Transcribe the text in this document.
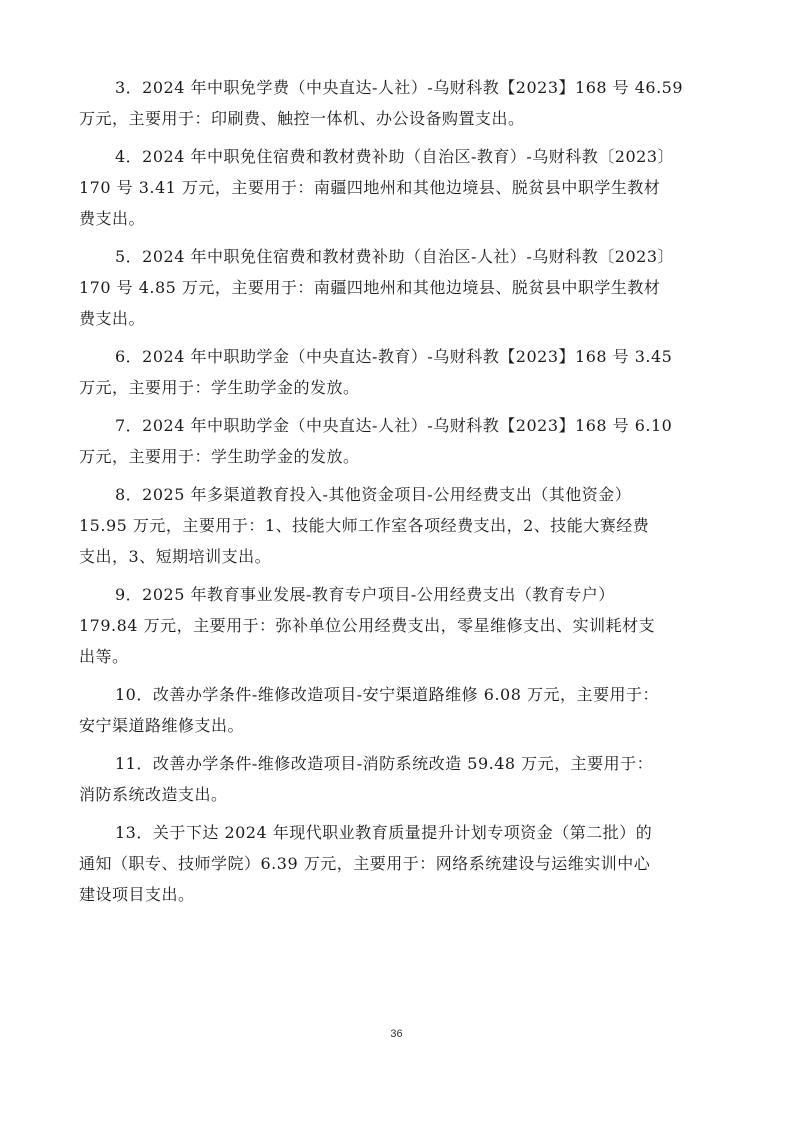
3．2024 年中职免学费（中央直达-人社）-乌财科教【2023】168 号 46.59
万元，主要用于：印刷费、触控一体机、办公设备购置支出。

4．2024 年中职免住宿费和教材费补助（自治区-教育）-乌财科教〔2023〕
170 号 3.41 万元，主要用于：南疆四地州和其他边境县、脱贫县中职学生教材
费支出。

5．2024 年中职免住宿费和教材费补助（自治区-人社）-乌财科教〔2023〕
170 号 4.85 万元，主要用于：南疆四地州和其他边境县、脱贫县中职学生教材
费支出。

6．2024 年中职助学金（中央直达-教育）-乌财科教【2023】168 号 3.45
万元，主要用于：学生助学金的发放。

7．2024 年中职助学金（中央直达-人社）-乌财科教【2023】168 号 6.10
万元，主要用于：学生助学金的发放。

8．2025 年多渠道教育投入-其他资金项目-公用经费支出（其他资金）
15.95 万元，主要用于：1、技能大师工作室各项经费支出，2、技能大赛经费
支出，3、短期培训支出。

9．2025 年教育事业发展-教育专户项目-公用经费支出（教育专户）
179.84 万元，主要用于：弥补单位公用经费支出，零星维修支出、实训耗材支
出等。

10．改善办学条件-维修改造项目-安宁渠道路维修 6.08 万元，主要用于：
安宁渠道路维修支出。

11．改善办学条件-维修改造项目-消防系统改造 59.48 万元，主要用于：
消防系统改造支出。

13．关于下达 2024 年现代职业教育质量提升计划专项资金（第二批）的
通知（职专、技师学院）6.39 万元，主要用于：网络系统建设与运维实训中心
建设项目支出。

36
